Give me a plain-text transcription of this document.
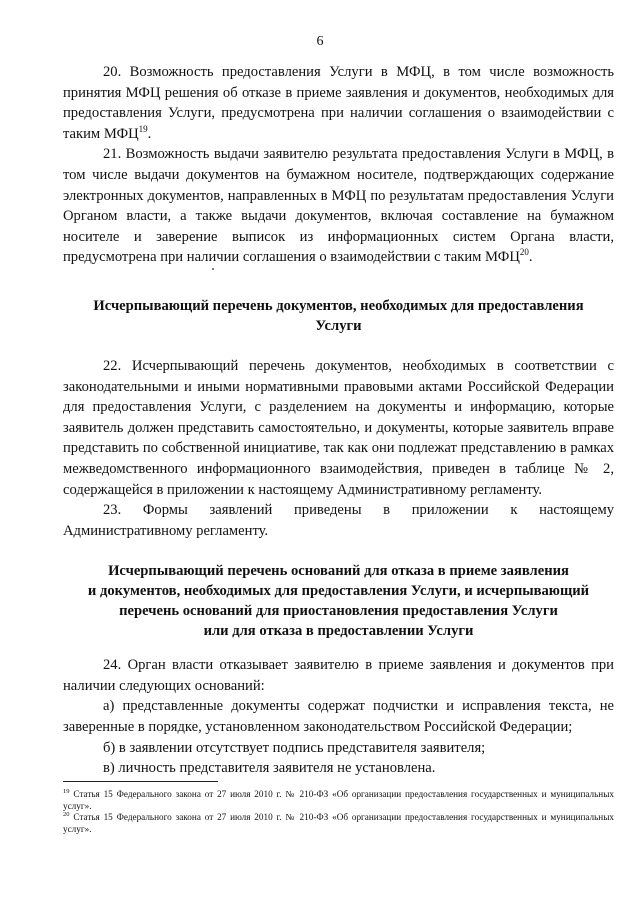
6

20. Возможность предоставления Услуги в МФЦ, в том числе возможность принятия МФЦ решения об отказе в приеме заявления и документов, необходимых для предоставления Услуги, предусмотрена при наличии соглашения о взаимодействии с таким МФЦ$^{19}$.

21. Возможность выдачи заявителю результата предоставления Услуги в МФЦ, в том числе выдачи документов на бумажном носителе, подтверждающих содержание электронных документов, направленных в МФЦ по результатам предоставления Услуги Органом власти, а также выдачи документов, включая составление на бумажном носителе и заверение выписок из информационных систем Органа власти, предусмотрена при наличии соглашения о взаимодействии с таким МФЦ$^{20}$.

Исчерпывающий перечень документов, необходимых для предоставления
Услуги

22. Исчерпывающий перечень документов, необходимых в соответствии с законодательными и иными нормативными правовыми актами Российской Федерации для предоставления Услуги, с разделением на документы и информацию, которые заявитель должен представить самостоятельно, и документы, которые заявитель вправе представить по собственной инициативе, так как они подлежат представлению в рамках межведомственного информационного взаимодействия, приведен в таблице № 2, содержащейся в приложении к настоящему Административному регламенту.

23. Формы заявлений приведены в приложении к настоящему Административному регламенту.

Исчерпывающий перечень оснований для отказа в приеме заявления
и документов, необходимых для предоставления Услуги, и исчерпывающий
перечень оснований для приостановления предоставления Услуги
или для отказа в предоставлении Услуги

24. Орган власти отказывает заявителю в приеме заявления и документов при наличии следующих оснований:

а) представленные документы содержат подчистки и исправления текста, не заверенные в порядке, установленном законодательством Российской Федерации;

б) в заявлении отсутствует подпись представителя заявителя;

в) личность представителя заявителя не установлена.

$^{19}$ Статья 15 Федерального закона от 27 июля 2010 г. № 210-ФЗ «Об организации предоставления государственных и муниципальных услуг».

$^{20}$ Статья 15 Федерального закона от 27 июля 2010 г. № 210-ФЗ «Об организации предоставления государственных и муниципальных услуг».
